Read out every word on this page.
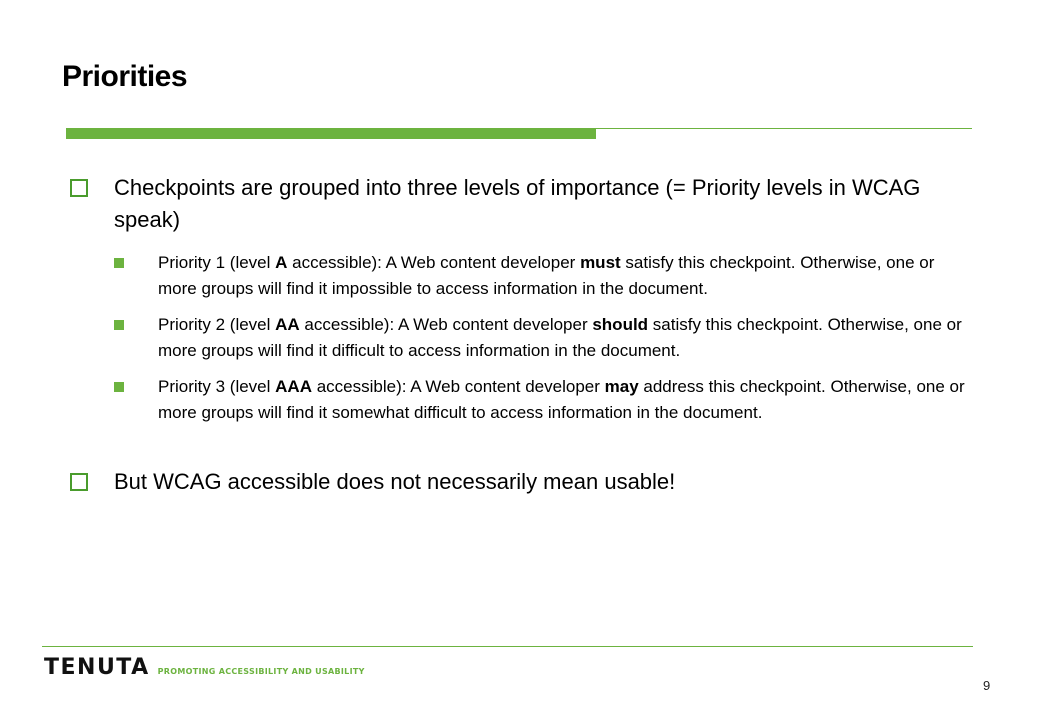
Priorities
Checkpoints are grouped into three levels of importance (= Priority levels in WCAG speak)
Priority 1 (level A accessible): A Web content developer must satisfy this checkpoint. Otherwise, one or more groups will find it impossible to access information in the document.
Priority 2 (level AA accessible): A Web content developer should satisfy this checkpoint. Otherwise, one or more groups will find it difficult to access information in the document.
Priority 3 (level AAA accessible): A Web content developer may address this checkpoint. Otherwise, one or more groups will find it somewhat difficult to access information in the document.
But WCAG accessible does not necessarily mean usable!
TENUTA PROMOTING ACCESSIBILITY AND USABILITY
9
